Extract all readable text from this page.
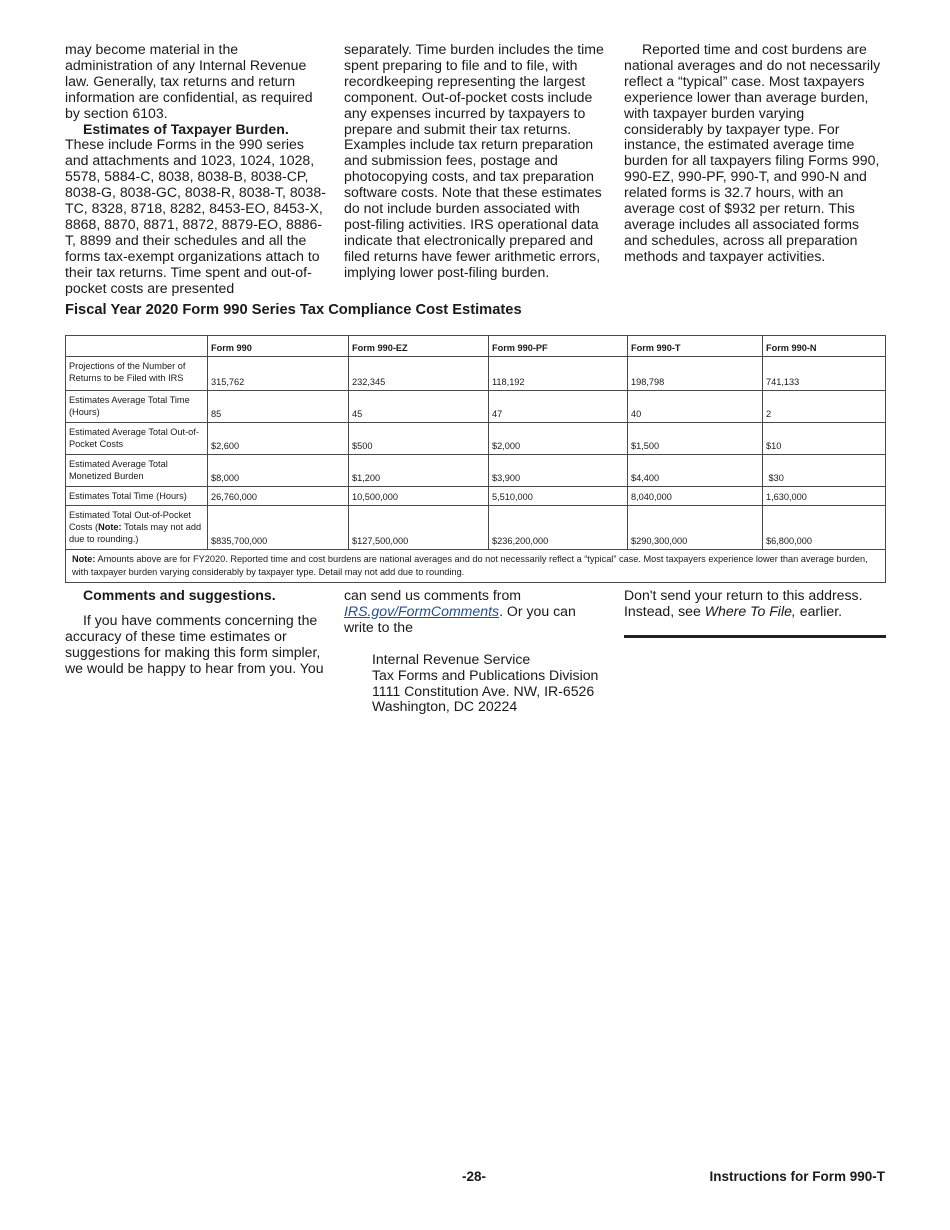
may become material in the administration of any Internal Revenue law. Generally, tax returns and return information are confidential, as required by section 6103.

Estimates of Taxpayer Burden.

These include Forms in the 990 series and attachments and 1023, 1024, 1028, 5578, 5884-C, 8038, 8038-B, 8038-CP, 8038-G, 8038-GC, 8038-R, 8038-T, 8038-TC, 8328, 8718, 8282, 8453-EO, 8453-X, 8868, 8870, 8871, 8872, 8879-EO, 8886-T, 8899 and their schedules and all the forms tax-exempt organizations attach to their tax returns. Time spent and out-of-pocket costs are presented

separately. Time burden includes the time spent preparing to file and to file, with recordkeeping representing the largest component. Out-of-pocket costs include any expenses incurred by taxpayers to prepare and submit their tax returns. Examples include tax return preparation and submission fees, postage and photocopying costs, and tax preparation software costs. Note that these estimates do not include burden associated with post-filing activities. IRS operational data indicate that electronically prepared and filed returns have fewer arithmetic errors, implying lower post-filing burden.

Reported time and cost burdens are national averages and do not necessarily reflect a “typical” case. Most taxpayers experience lower than average burden, with taxpayer burden varying considerably by taxpayer type. For instance, the estimated average time burden for all taxpayers filing Forms 990, 990-EZ, 990-PF, 990-T, and 990-N and related forms is 32.7 hours, with an average cost of $932 per return. This average includes all associated forms and schedules, across all preparation methods and taxpayer activities.

Fiscal Year 2020 Form 990 Series Tax Compliance Cost Estimates
	Form 990	Form 990-EZ	Form 990-PF	Form 990-T	Form 990-N
Projections of the Number of Returns to be Filed with IRS	315,762	232,345	118,192	198,798	741,133
Estimates Average Total Time (Hours)	85	45	47	40	2
Estimated Average Total Out-of-Pocket Costs	$2,600	$500	$2,000	$1,500	$10
Estimated Average Total Monetized Burden	$8,000	$1,200	$3,900	$4,400	$30
Estimates Total Time (Hours)	26,760,000	10,500,000	5,510,000	8,040,000	1,630,000
Estimated Total Out-of-Pocket Costs (Note: Totals may not add due to rounding.)	$835,700,000	$127,500,000	$236,200,000	$290,300,000	$6,800,000
Note: Amounts above are for FY2020. Reported time and cost burdens are national averages and do not necessarily reflect a “typical” case. Most taxpayers experience lower than average burden, with taxpayer burden varying considerably by taxpayer type. Detail may not add due to rounding.					

Comments and suggestions.

If you have comments concerning the accuracy of these time estimates or suggestions for making this form simpler, we would be happy to hear from you. You

can send us comments from IRS.gov/FormComments. Or you can write to the

Internal Revenue Service
Tax Forms and Publications Division
1111 Constitution Ave. NW, IR-6526
Washington, DC 20224

Don't send your return to this address. Instead, see Where To File, earlier.

-28-	Instructions for Form 990-T
